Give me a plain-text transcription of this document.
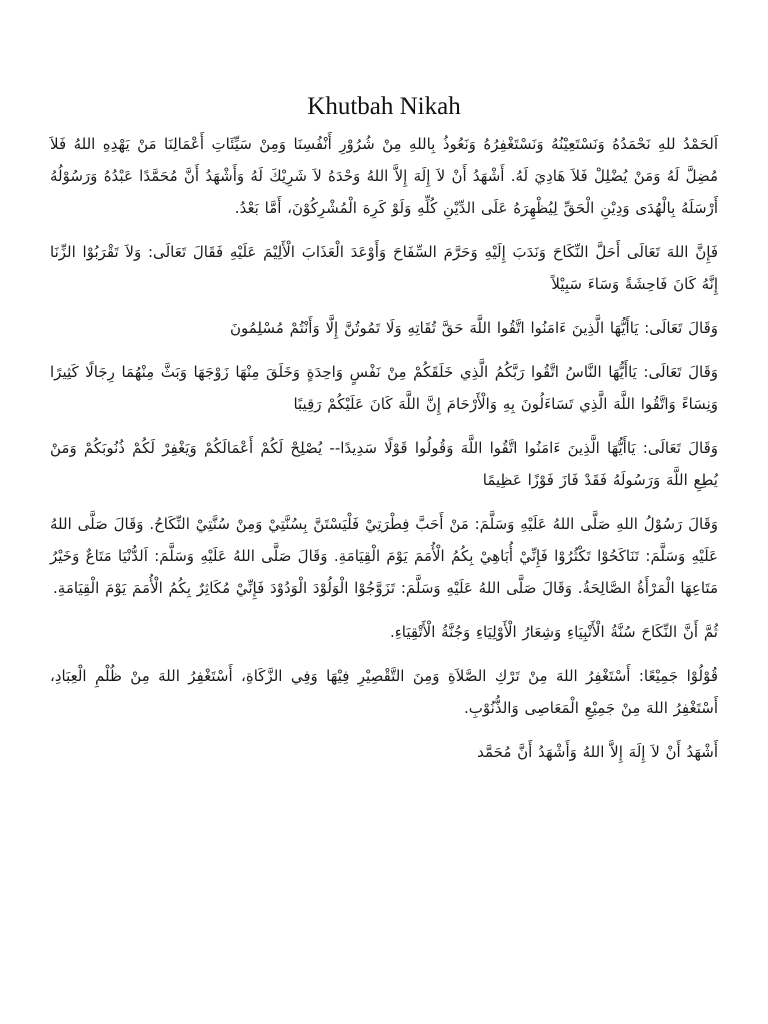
Khutbah Nikah

اَلحَمْدُ للهِ نَحْمَدُهُ وَنَسْتَعِيْنُهُ وَنَسْتَغْفِرُهُ وَنَعُوذُ بِاللهِ مِنْ شُرُوْرِ أَنْفُسِنَا وَمِنْ سَيِّئَاتِ أَعْمَالِنَا مَنْ يَهْدِهِ اللهُ فَلاَ مُضِلَّ لَهُ وَمَنْ يُضْلِلْ فَلاَ هَادِيَ لَهُ. أَشْهَدُ أَنْ لاَ إِلَهَ إِلاَّ اللهُ وَحْدَهُ لاَ شَرِيْكَ لَهُ وَأَشْهَدُ أَنَّ مُحَمَّدًا عَبْدُهُ وَرَسُوْلُهُ أَرْسَلَهُ بِالْهُدَى وَدِيْنِ الْحَقِّ لِيُظْهِرَهُ عَلَى الدِّيْنِ كُلِّهِ وَلَوْ كَرِهَ الْمُشْرِكُوْنَ، أَمَّا بَعْدُ.

فَإِنَّ اللهَ تَعَالَى أَحَلَّ النِّكَاحَ وَنَدَبَ إِلَيْهِ وَحَرَّمَ السِّفَاحَ وَأَوْعَدَ الْعَذَابَ الْأَلِيْمَ عَلَيْهِ فَقَالَ تَعَالَى: وَلاَ تَقْرَبُوْا الزِّنَا إِنَّهُ كَانَ فَاحِشَةً وَسَاءَ سَبِيْلاً

وَقَالَ تَعَالَى: يَاأَيُّهَا الَّذِينَ ءَامَنُوا اتَّقُوا اللَّهَ حَقَّ تُقَاتِهِ وَلَا تَمُوتُنَّ إِلَّا وَأَنْتُمْ مُسْلِمُونَ

وَقَالَ تَعَالَى: يَاأَيُّهَا النَّاسُ اتَّقُوا رَبَّكُمُ الَّذِي خَلَقَكُمْ مِنْ نَفْسٍ وَاحِدَةٍ وَخَلَقَ مِنْهَا زَوْجَهَا وَبَثَّ مِنْهُمَا رِجَالًا كَثِيرًا وَنِسَاءً وَاتَّقُوا اللَّهَ الَّذِي تَسَاءَلُونَ بِهِ وَالْأَرْحَامَ إِنَّ اللَّهَ كَانَ عَلَيْكُمْ رَقِيبًا

وَقَالَ تَعَالَى: يَاأَيُّهَا الَّذِينَ ءَامَنُوا اتَّقُوا اللَّهَ وَقُولُوا قَوْلًا سَدِيدًا-- يُصْلِحْ لَكُمْ أَعْمَالَكُمْ وَيَغْفِرْ لَكُمْ ذُنُوبَكُمْ وَمَنْ يُطِعِ اللَّهَ وَرَسُولَهُ فَقَدْ فَازَ فَوْزًا عَظِيمًا

وَقَالَ رَسُوْلُ اللهِ صَلَّى اللهُ عَلَيْهِ وَسَلَّمَ: مَنْ أَحَبَّ فِطْرَتِيْ فَلْيَسْتَنَّ بِسُنَّتِيْ وَمِنْ سُنَّتِيْ النِّكَاحُ. وَقَالَ صَلَّى اللهُ عَلَيْهِ وَسَلَّمَ: تَنَاكَحُوْا تَكْثُرُوْا فَإِنِّيْ أُبَاهِيْ بِكُمُ الْأُمَمَ يَوْمَ الْقِيَامَةِ. وَقَالَ صَلَّى اللهُ عَلَيْهِ وَسَلَّمَ: اَلدُّنْيَا مَتَاعٌ وَخَيْرُ مَتَاعِهَا الْمَرْأَةُ الصَّالِحَةُ. وَقَالَ صَلَّى اللهُ عَلَيْهِ وَسَلَّمَ: تَزَوَّجُوْا الْوَلُوْدَ الْوَدُوْدَ فَإِنِّيْ مُكَاثِرٌ بِكُمُ الْأُمَمَ يَوْمَ الْقِيَامَةِ.

ثُمَّ أَنَّ النِّكَاحَ سُنَّةُ الْأَنْبِيَاءِ وَشِعَارُ الْأَوْلِيَاءِ وَجُنَّةُ الْأَتْقِيَاءِ.

قُوْلُوْا جَمِيْعًا: أَسْتَغْفِرُ اللهَ مِنْ تَرْكِ الصَّلاَةِ وَمِنَ التَّقْصِيْرِ فِيْهَا وَفِي الزَّكَاةِ، أَسْتَغْفِرُ اللهَ مِنْ ظُلْمِ الْعِبَادِ، أَسْتَغْفِرُ اللهَ مِنْ جَمِيْعِ الْمَعَاصِى وَالذُّنُوْبِ.

أَشْهَدُ أَنْ لاَ إِلَهَ إِلاَّ اللهُ وَأَشْهَدُ أَنَّ مُحَمَّد
